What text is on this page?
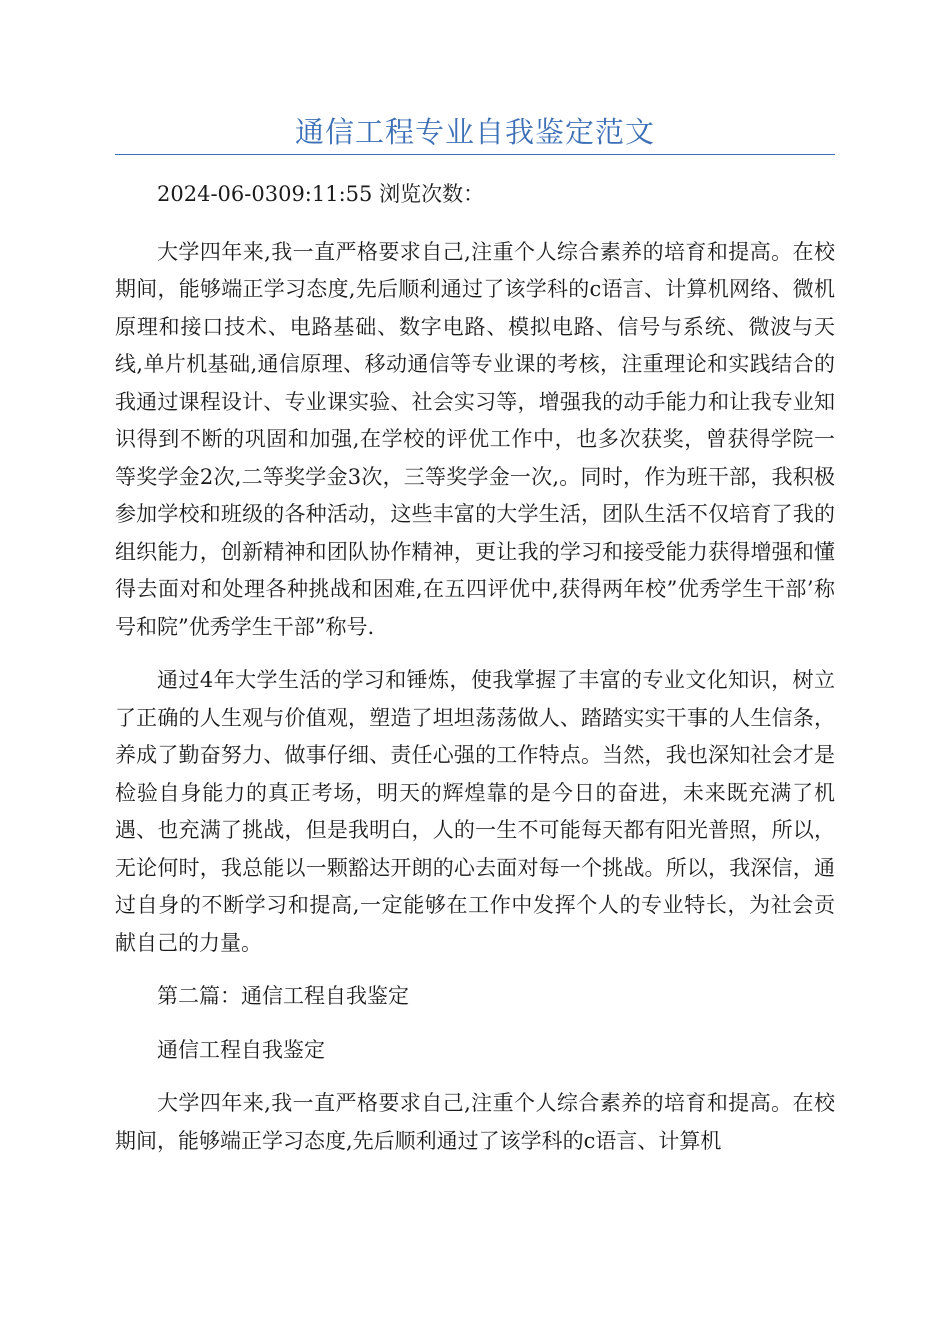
通信工程专业自我鉴定范文

2024-06-0309:11:55 浏览次数：

大学四年来,我一直严格要求自己,注重个人综合素养的培育和提高。在校期间，能够端正学习态度,先后顺利通过了该学科的c语言、计算机网络、微机原理和接口技术、电路基础、数字电路、模拟电路、信号与系统、微波与天线,单片机基础,通信原理、移动通信等专业课的考核，注重理论和实践结合的我通过课程设计、专业课实验、社会实习等，增强我的动手能力和让我专业知识得到不断的巩固和加强,在学校的评优工作中，也多次获奖，曾获得学院一等奖学金2次,二等奖学金3次，三等奖学金一次,。同时，作为班干部，我积极参加学校和班级的各种活动，这些丰富的大学生活，团队生活不仅培育了我的组织能力，创新精神和团队协作精神，更让我的学习和接受能力获得增强和懂得去面对和处理各种挑战和困难,在五四评优中,获得两年校”优秀学生干部’称号和院”优秀学生干部”称号.

通过4年大学生活的学习和锤炼，使我掌握了丰富的专业文化知识，树立了正确的人生观与价值观，塑造了坦坦荡荡做人、踏踏实实干事的人生信条，养成了勤奋努力、做事仔细、责任心强的工作特点。当然，我也深知社会才是检验自身能力的真正考场，明天的辉煌靠的是今日的奋进，未来既充满了机遇、也充满了挑战，但是我明白，人的一生不可能每天都有阳光普照，所以，无论何时，我总能以一颗豁达开朗的心去面对每一个挑战。所以，我深信，通过自身的不断学习和提高,一定能够在工作中发挥个人的专业特长，为社会贡献自己的力量。

第二篇：通信工程自我鉴定

通信工程自我鉴定

大学四年来,我一直严格要求自己,注重个人综合素养的培育和提高。在校期间，能够端正学习态度,先后顺利通过了该学科的c语言、计算机
